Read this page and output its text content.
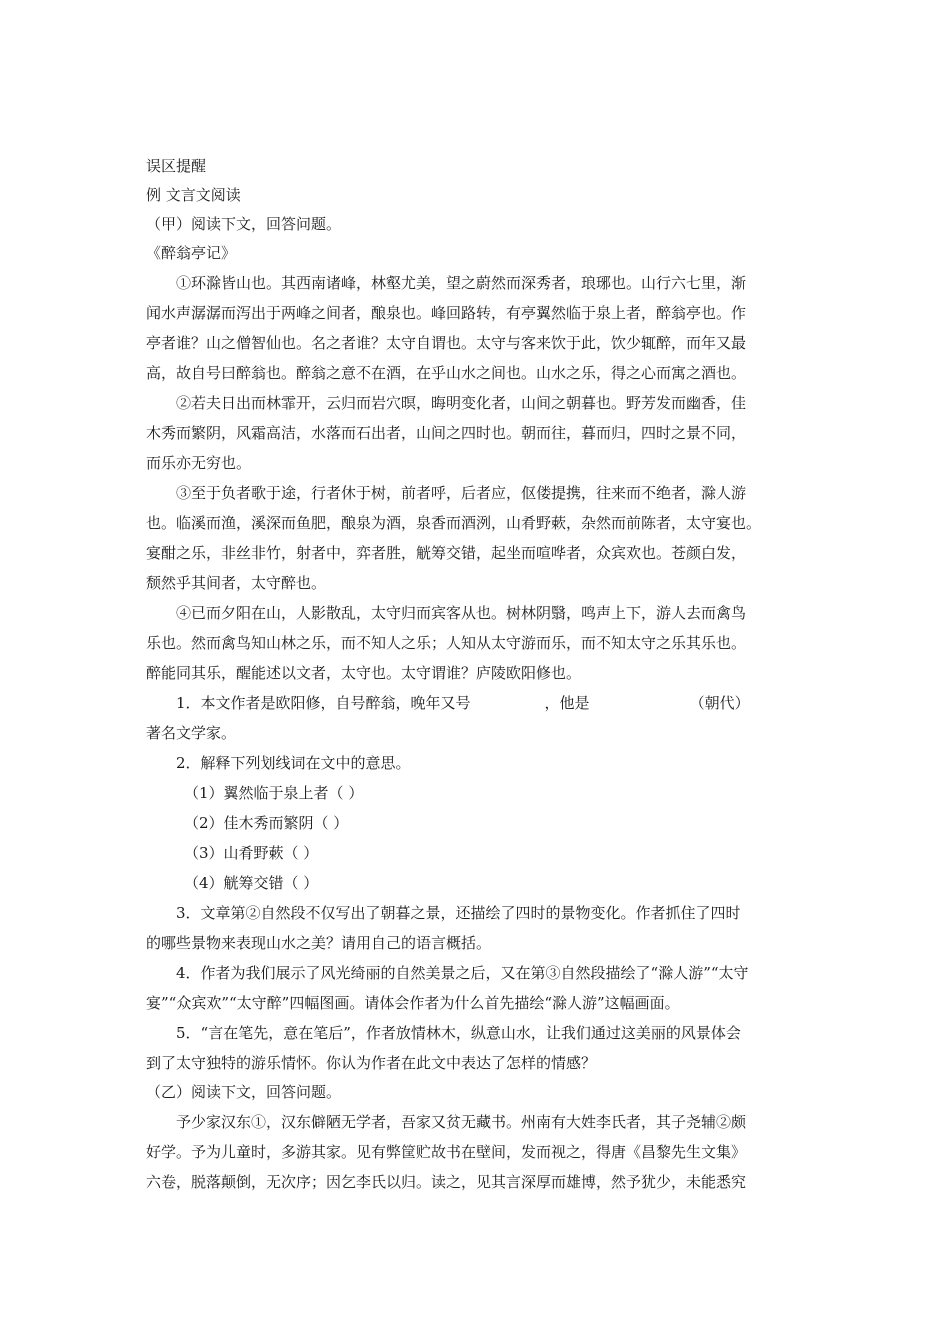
误区提醒
例 文言文阅读
（甲）阅读下文，回答问题。
《醉翁亭记》
①环滁皆山也。其西南诸峰，林壑尤美，望之蔚然而深秀者，琅琊也。山行六七里，渐
闻水声潺潺而泻出于两峰之间者，酿泉也。峰回路转，有亭翼然临于泉上者，醉翁亭也。作
亭者谁？山之僧智仙也。名之者谁？太守自谓也。太守与客来饮于此，饮少辄醉，而年又最
高，故自号曰醉翁也。醉翁之意不在酒，在乎山水之间也。山水之乐，得之心而寓之酒也。
②若夫日出而林霏开，云归而岩穴暝，晦明变化者，山间之朝暮也。野芳发而幽香，佳
木秀而繁阴，风霜高洁，水落而石出者，山间之四时也。朝而往，暮而归，四时之景不同，
而乐亦无穷也。
③至于负者歌于途，行者休于树，前者呼，后者应，伛偻提携，往来而不绝者，滁人游
也。临溪而渔，溪深而鱼肥，酿泉为酒，泉香而酒洌，山肴野蔌，杂然而前陈者，太守宴也。
宴酣之乐，非丝非竹，射者中，弈者胜，觥筹交错，起坐而喧哗者，众宾欢也。苍颜白发，
颓然乎其间者，太守醉也。
④已而夕阳在山，人影散乱，太守归而宾客从也。树林阴翳，鸣声上下，游人去而禽鸟
乐也。然而禽鸟知山林之乐，而不知人之乐；人知从太守游而乐，而不知太守之乐其乐也。
醉能同其乐，醒能述以文者，太守也。太守谓谁？庐陵欧阳修也。
1．本文作者是欧阳修，自号醉翁，晚年又号	，他是	（朝代）
著名文学家。
2．解释下列划线词在文中的意思。
（1）翼然临于泉上者（ ）
（2）佳木秀而繁阴（ ）
（3）山肴野蔌（ ）
（4）觥筹交错（ ）
3．文章第②自然段不仅写出了朝暮之景，还描绘了四时的景物变化。作者抓住了四时
的哪些景物来表现山水之美？请用自己的语言概括。
4．作者为我们展示了风光绮丽的自然美景之后，又在第③自然段描绘了“滁人游”“太守
宴”“众宾欢”“太守醉”四幅图画。请体会作者为什么首先描绘“滁人游”这幅画面。
5．“言在笔先，意在笔后”，作者放情林木，纵意山水，让我们通过这美丽的风景体会
到了太守独特的游乐情怀。你认为作者在此文中表达了怎样的情感？
（乙）阅读下文，回答问题。
予少家汉东①，汉东僻陋无学者，吾家又贫无藏书。州南有大姓李氏者，其子尧辅②颇
好学。予为儿童时，多游其家。见有弊筐贮故书在壁间，发而视之，得唐《昌黎先生文集》
六卷，脱落颠倒，无次序；因乞李氏以归。读之，见其言深厚而雄博，然予犹少，未能悉究
